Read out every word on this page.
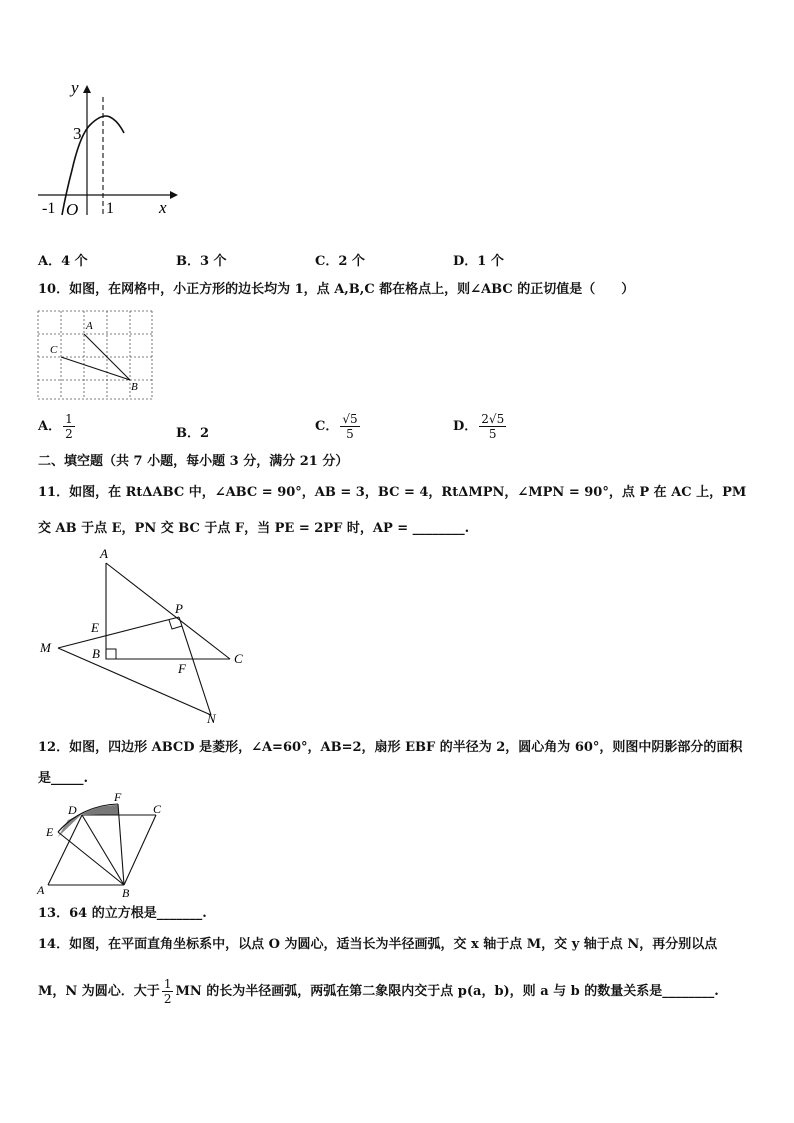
y
x
3
-1 O 1
A．4 个	B．3 个	C．2 个	D．1 个
10．如图，在网格中，小正方形的边长均为 1，点 A,B,C 都在格点上，则∠ABC 的正切值是（　　）
A
C
B
A． $\frac{1}{2}$	B．2	C． $\frac{√5}{5}$	D． $\frac{2√5}{5}$
二、填空题（共 7 小题，每小题 3 分，满分 21 分）
11．如图，在 RtΔABC 中，∠ABC = 90°，AB = 3，BC = 4，RtΔMPN，∠MPN = 90°，点 P 在 AC 上，PM
交 AB 于点 E，PN 交 BC 于点 F，当 PE = 2PF 时，AP = ________.
A
P
E
M	B	C
F
N
12．如图，四边形 ABCD 是菱形，∠A=60°，AB=2，扇形 EBF 的半径为 2，圆心角为 60°，则图中阴影部分的面积
是_____.
D
F
C
E
A	B
13．64 的立方根是_______.
14．如图，在平面直角坐标系中，以点 O 为圆心，适当长为半径画弧，交 x 轴于点 M，交 y 轴于点 N，再分别以点
M，N 为圆心．大于 $\frac{1}{2}$ MN 的长为半径画弧，两弧在第二象限内交于点 p(a，b)，则 a 与 b 的数量关系是________.
